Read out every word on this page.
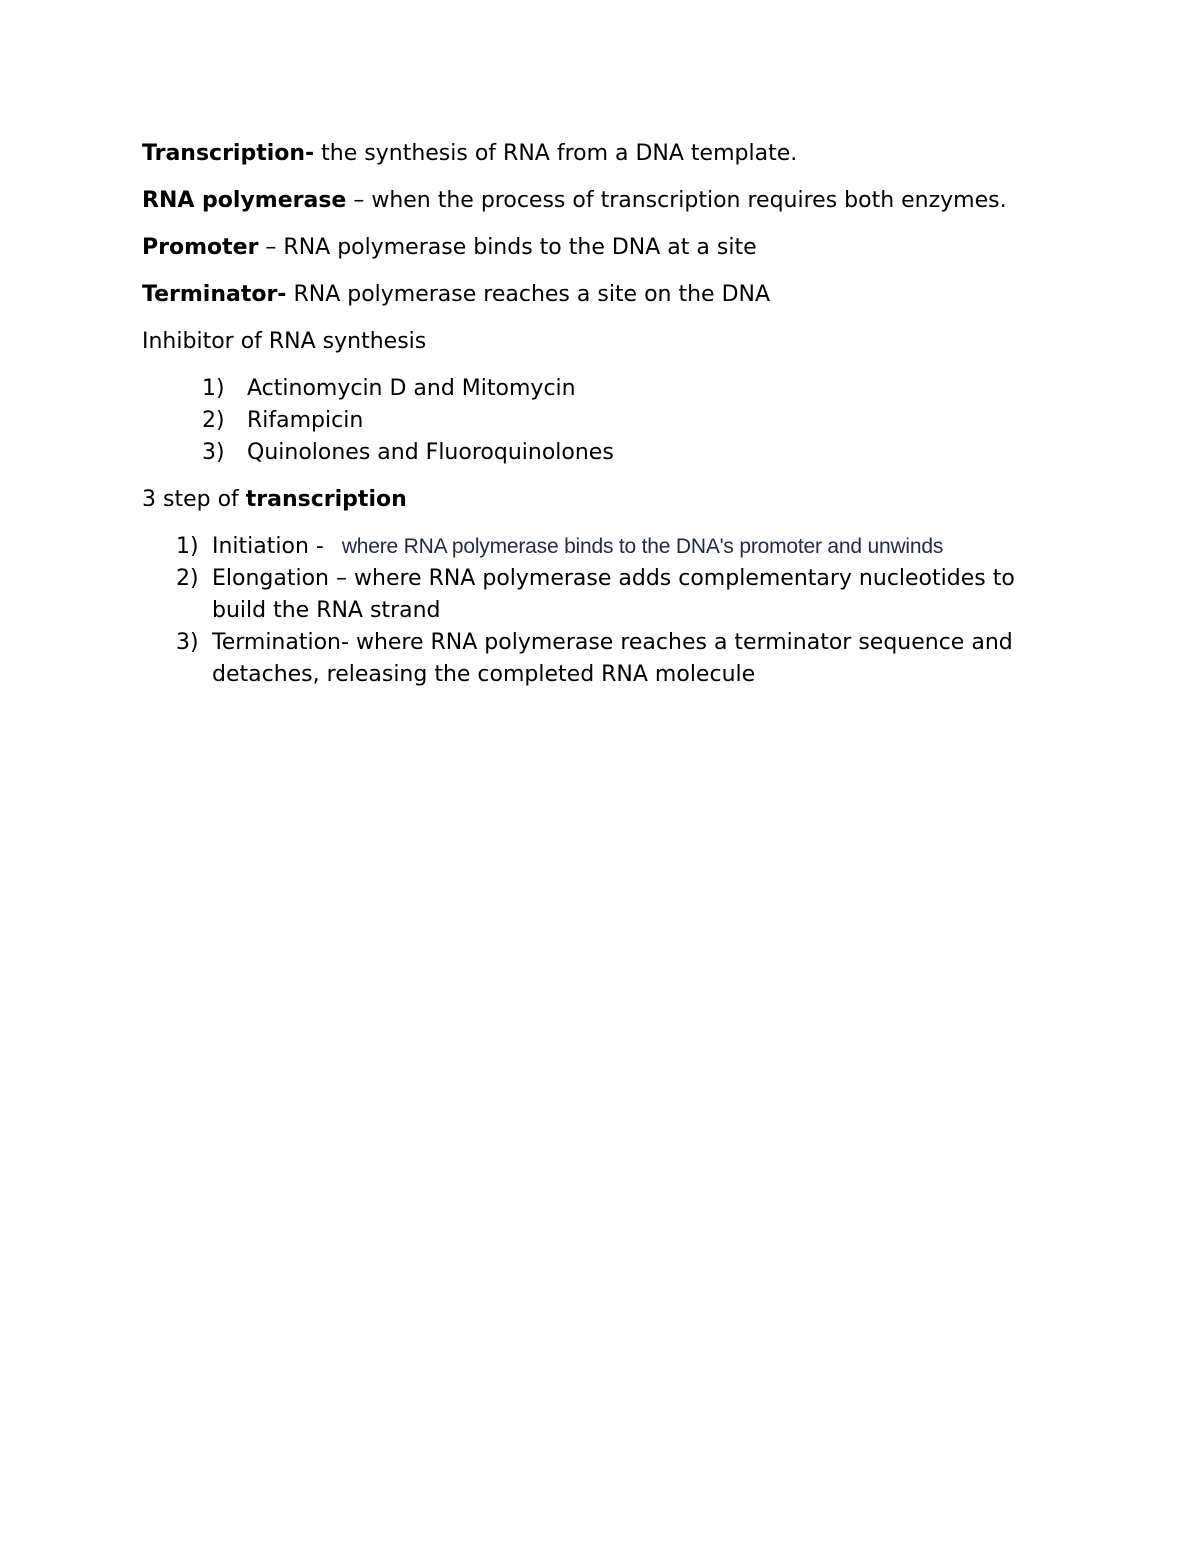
Transcription- the synthesis of RNA from a DNA template.

RNA polymerase – when the process of transcription requires both enzymes.

Promoter – RNA polymerase binds to the DNA at a site

Terminator- RNA polymerase reaches a site on the DNA

Inhibitor of RNA synthesis

1)	Actinomycin D and Mitomycin
2)	Rifampicin
3)	Quinolones and Fluoroquinolones

3 step of transcription

1) Initiation - where RNA polymerase binds to the DNA's promoter and unwinds
2) Elongation – where RNA polymerase adds complementary nucleotides to build the RNA strand
3) Termination- where RNA polymerase reaches a terminator sequence and detaches, releasing the completed RNA molecule
